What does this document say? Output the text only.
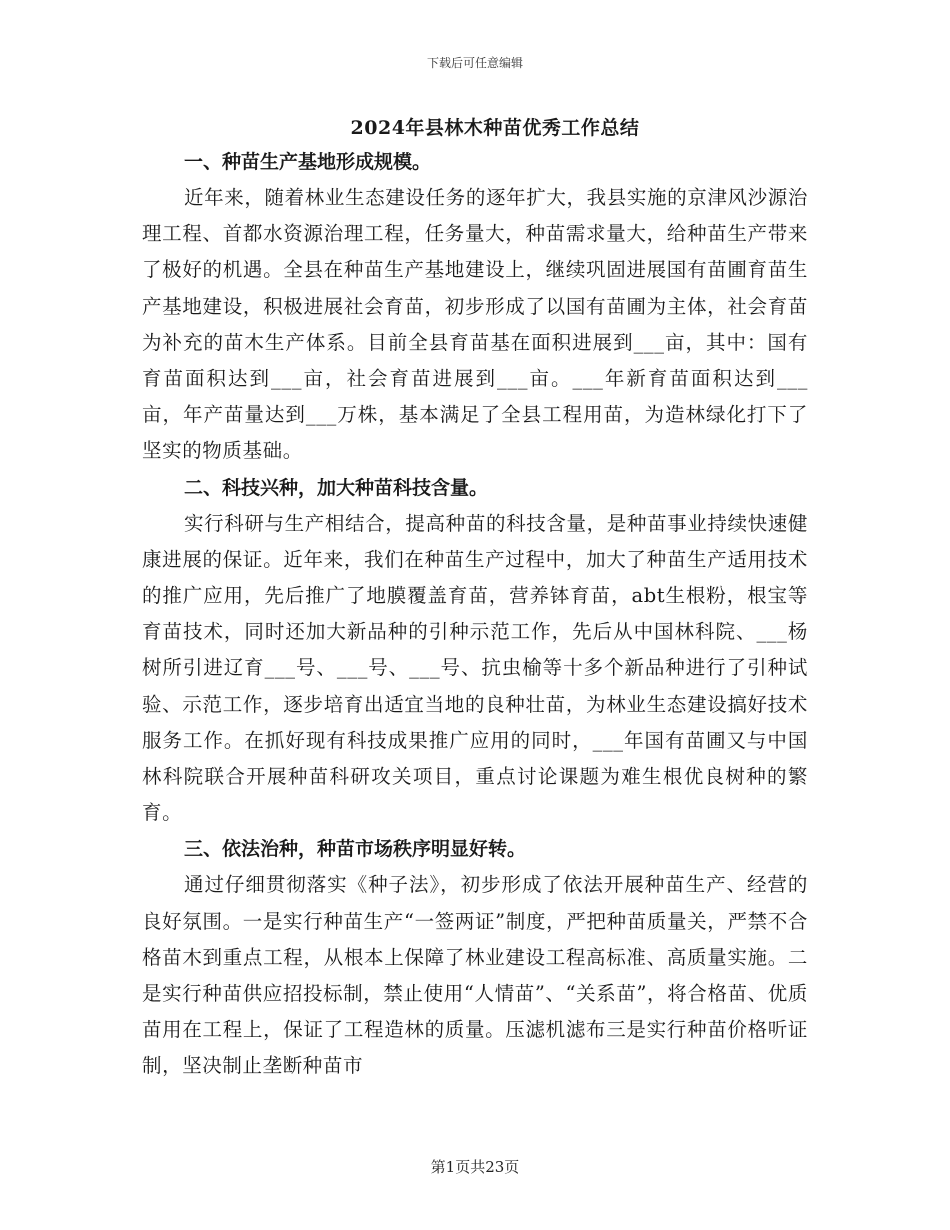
下载后可任意编辑
2024年县林木种苗优秀工作总结
一、种苗生产基地形成规模。

近年来，随着林业生态建设任务的逐年扩大，我县实施的京津风沙源治理工程、首都水资源治理工程，任务量大，种苗需求量大，给种苗生产带来了极好的机遇。全县在种苗生产基地建设上，继续巩固进展国有苗圃育苗生产基地建设，积极进展社会育苗，初步形成了以国有苗圃为主体，社会育苗为补充的苗木生产体系。目前全县育苗基在面积进展到___亩，其中：国有育苗面积达到___亩，社会育苗进展到___亩。___年新育苗面积达到___亩，年产苗量达到___万株，基本满足了全县工程用苗，为造林绿化打下了坚实的物质基础。

二、科技兴种，加大种苗科技含量。

实行科研与生产相结合，提高种苗的科技含量，是种苗事业持续快速健康进展的保证。近年来，我们在种苗生产过程中，加大了种苗生产适用技术的推广应用，先后推广了地膜覆盖育苗，营养钵育苗，abt生根粉，根宝等育苗技术，同时还加大新品种的引种示范工作，先后从中国林科院、___杨树所引进辽育___号、___号、___号、抗虫榆等十多个新品种进行了引种试验、示范工作，逐步培育出适宜当地的良种壮苗，为林业生态建设搞好技术服务工作。在抓好现有科技成果推广应用的同时，___年国有苗圃又与中国林科院联合开展种苗科研攻关项目，重点讨论课题为难生根优良树种的繁育。

三、依法治种，种苗市场秩序明显好转。

通过仔细贯彻落实《种子法》，初步形成了依法开展种苗生产、经营的良好氛围。一是实行种苗生产“一签两证”制度，严把种苗质量关，严禁不合格苗木到重点工程，从根本上保障了林业建设工程高标准、高质量实施。二是实行种苗供应招投标制，禁止使用“人情苗”、“关系苗”，将合格苗、优质苗用在工程上，保证了工程造林的质量。压滤机滤布三是实行种苗价格听证制，坚决制止垄断种苗市

第1页共23页
